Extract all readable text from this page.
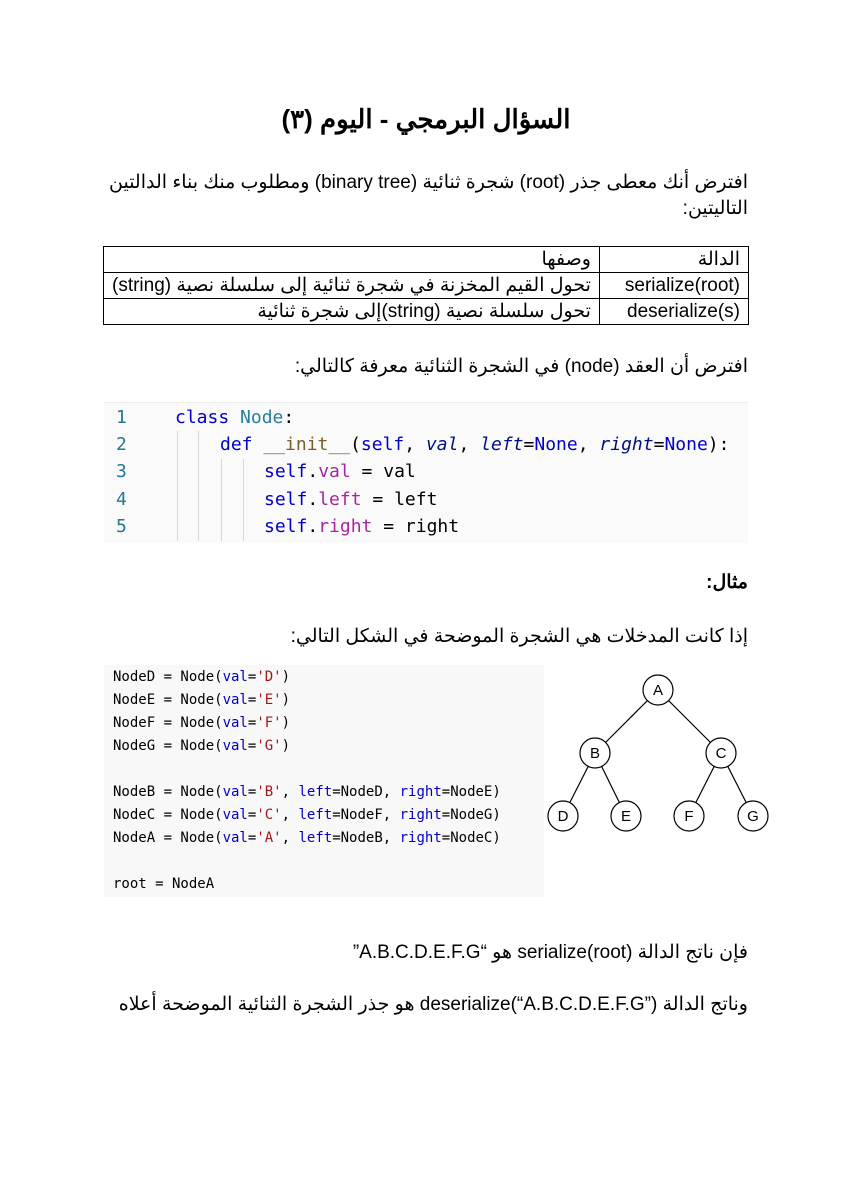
السؤال البرمجي - اليوم (٣)
افترض أنك معطى جذر (root) شجرة ثنائية (binary tree) ومطلوب منك بناء الدالتين التاليتين:
الدالة	وصفها
serialize(root)	تحول القيم المخزنة في شجرة ثنائية إلى سلسلة نصية (string)
deserialize(s)	تحول سلسلة نصية (string)إلى شجرة ثنائية
افترض أن العقد (node) في الشجرة الثنائية معرفة كالتالي:
1
2
3
4
5
class Node:
def __init__(self, val, left=None, right=None):
self.val = val
self.left = left
self.right = right
مثال:
إذا كانت المدخلات هي الشجرة الموضحة في الشكل التالي:
NodeD = Node(val='D')
NodeE = Node(val='E')
NodeF = Node(val='F')
NodeG = Node(val='G')
NodeB = Node(val='B', left=NodeD, right=NodeE)
NodeC = Node(val='C', left=NodeF, right=NodeG)
NodeA = Node(val='A', left=NodeB, right=NodeC)
root = NodeA
A
B	C
D	E	F	G
فإن ناتج الدالة serialize(root) هو “A.B.C.D.E.F.G”
وناتج الدالة deserialize(“A.B.C.D.E.F.G”) هو جذر الشجرة الثنائية الموضحة أعلاه
